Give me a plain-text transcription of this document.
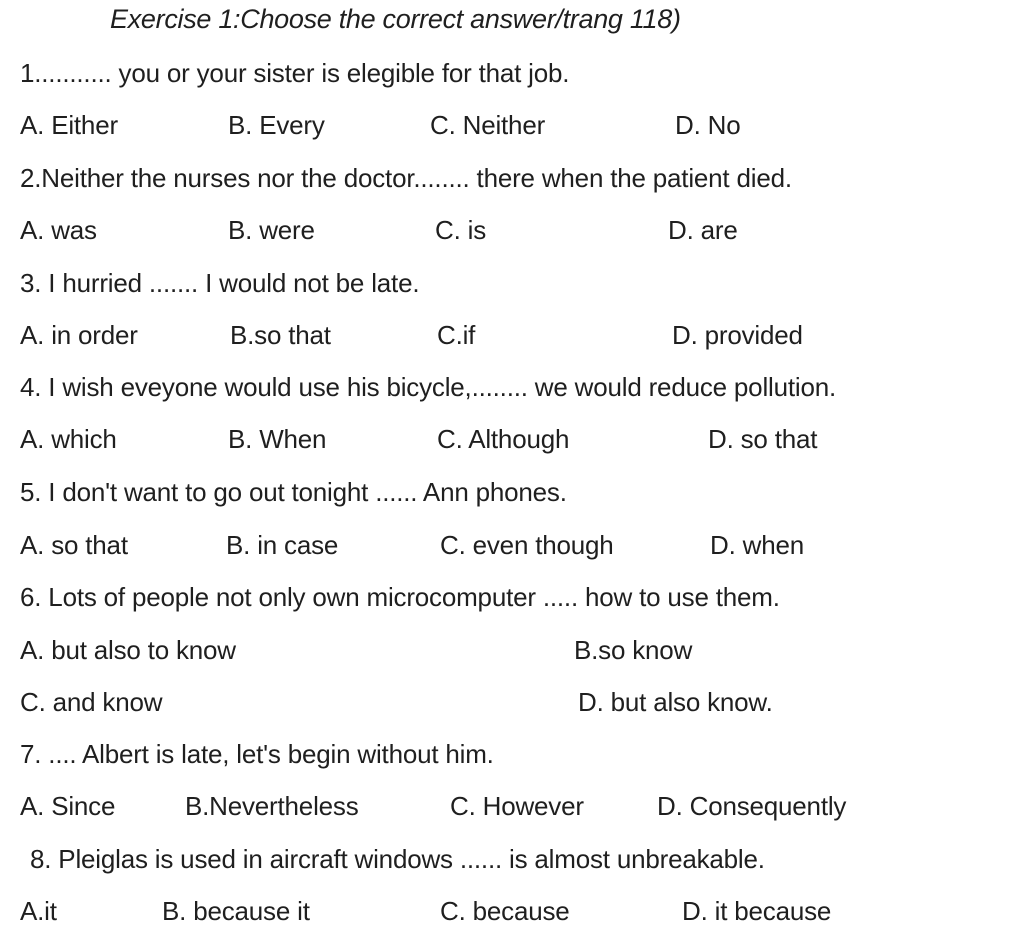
Exercise 1:Choose the correct answer/trang 118)
1........... you or your sister is elegible for that job.
A. Either	B. Every	C. Neither	D. No
2.Neither the nurses nor the doctor........ there when the patient died.
A. was	B. were	C. is	D. are
3. I hurried ....... I would not be late.
A. in order	B.so that	C.if	D. provided
4. I wish eveyone would use his bicycle,........ we would reduce pollution.
A. which	B. When	C. Although	D. so that
5. I don't want to go out tonight ...... Ann phones.
A. so that	B. in case	C. even though	D. when
6. Lots of people not only own microcomputer ..... how to use them.
A. but also to know	B.so know
C. and know	D. but also know.
7. .... Albert is late, let's begin without him.
A. Since	B.Nevertheless	C. However	D. Consequently
8. Pleiglas is used in aircraft windows ...... is almost unbreakable.
A.it	B. because it	C. because	D. it because
